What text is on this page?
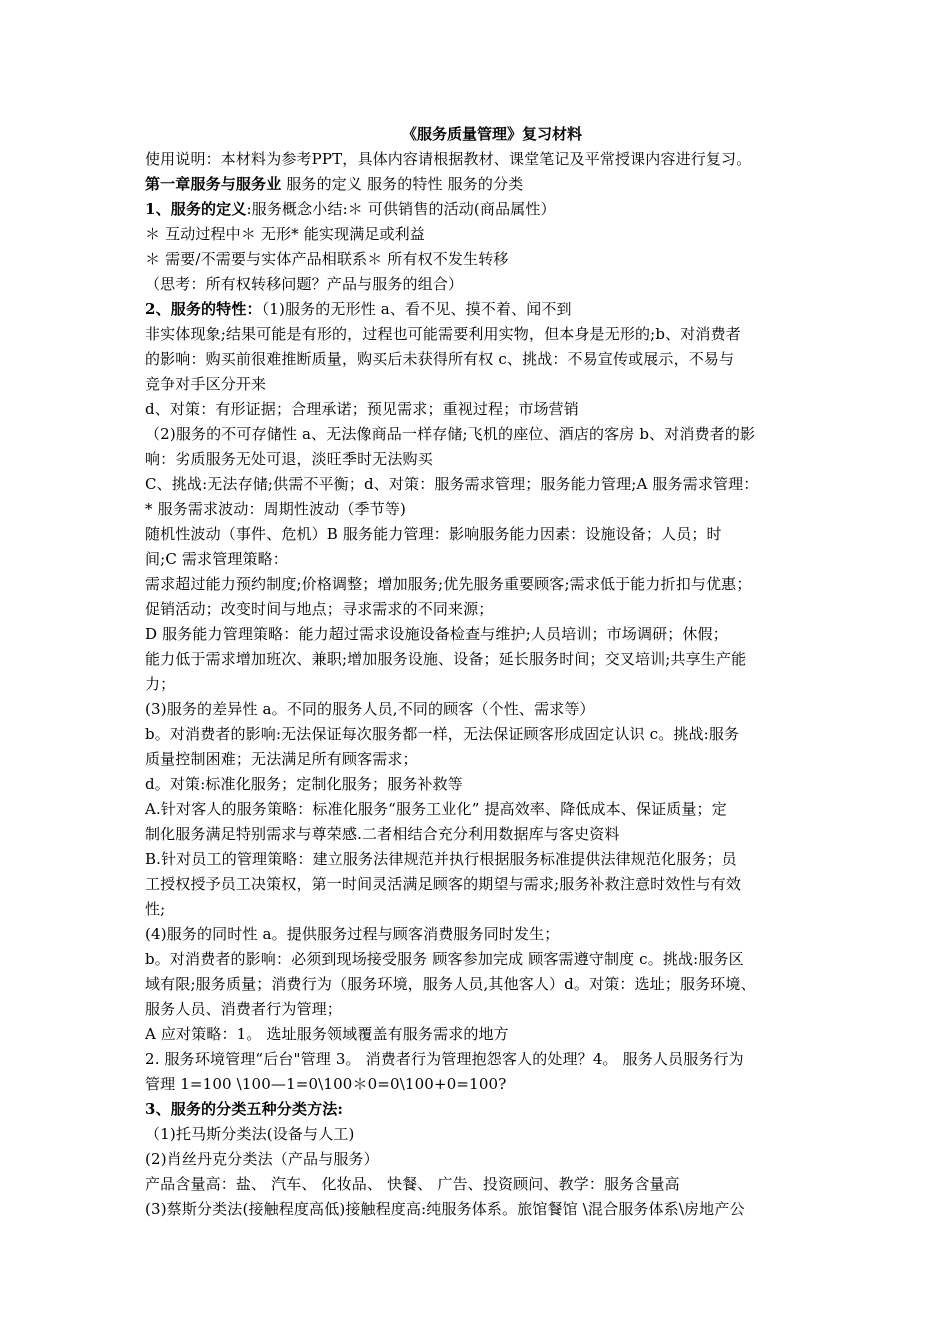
《服务质量管理》复习材料

使用说明：本材料为参考PPT，具体内容请根据教材、课堂笔记及平常授课内容进行复习。

第一章服务与服务业 服务的定义 服务的特性 服务的分类

1、服务的定义:服务概念小结:＊ 可供销售的活动(商品属性）

＊ 互动过程中＊ 无形* 能实现满足或利益

＊ 需要/不需要与实体产品相联系＊ 所有权不发生转移

（思考：所有权转移问题？产品与服务的组合）

2、服务的特性：（1)服务的无形性 a、看不见、摸不着、闻不到

非实体现象;结果可能是有形的，过程也可能需要利用实物，但本身是无形的;b、对消费者

的影响：购买前很难推断质量，购买后未获得所有权 c、挑战：不易宣传或展示，不易与

竞争对手区分开来

d、对策：有形证据；合理承诺；预见需求；重视过程；市场营销

（2)服务的不可存储性 a、无法像商品一样存储;飞机的座位、酒店的客房 b、对消费者的影

响：劣质服务无处可退，淡旺季时无法购买

C、挑战:无法存储;供需不平衡；d、对策：服务需求管理；服务能力管理;A 服务需求管理：

* 服务需求波动：周期性波动（季节等)

随机性波动（事件、危机）B 服务能力管理：影响服务能力因素：设施设备；人员；时

间;C 需求管理策略：

需求超过能力预约制度;价格调整；增加服务;优先服务重要顾客;需求低于能力折扣与优惠；

促销活动；改变时间与地点；寻求需求的不同来源；

D 服务能力管理策略：能力超过需求设施设备检查与维护;人员培训；市场调研；休假；

能力低于需求增加班次、兼职;增加服务设施、设备；延长服务时间；交叉培训;共享生产能

力；

(3)服务的差异性 a。不同的服务人员,不同的顾客（个性、需求等）

b。对消费者的影响:无法保证每次服务都一样，无法保证顾客形成固定认识 c。挑战:服务

质量控制困难；无法满足所有顾客需求；

d。对策:标准化服务；定制化服务；服务补救等

A.针对客人的服务策略：标准化服务“服务工业化” 提高效率、降低成本、保证质量；定

制化服务满足特别需求与尊荣感.二者相结合充分利用数据库与客史资料

B.针对员工的管理策略：建立服务法律规范并执行根据服务标准提供法律规范化服务；员

工授权授予员工决策权，第一时间灵活满足顾客的期望与需求;服务补救注意时效性与有效

性;

(4)服务的同时性 a。提供服务过程与顾客消费服务同时发生；

b。对消费者的影响：必须到现场接受服务 顾客参加完成 顾客需遵守制度 c。挑战:服务区

域有限;服务质量；消费行为（服务环境，服务人员,其他客人）d。对策：选址；服务环境、

服务人员、消费者行为管理；

A 应对策略：1。 选址服务领域覆盖有服务需求的地方

2. 服务环境管理“后台"管理 3。 消费者行为管理抱怨客人的处理？4。 服务人员服务行为

管理 1=100 \100—1=0\100＊0=0\100+0=100?

3、服务的分类五种分类方法:

（1)托马斯分类法(设备与人工)

(2)肖丝丹克分类法（产品与服务）

产品含量高：盐、 汽车、 化妆品、 快餐、 广告、投资顾问、教学：服务含量高

(3)蔡斯分类法(接触程度高低)接触程度高:纯服务体系。旅馆餐馆 \混合服务体系\房地产公
